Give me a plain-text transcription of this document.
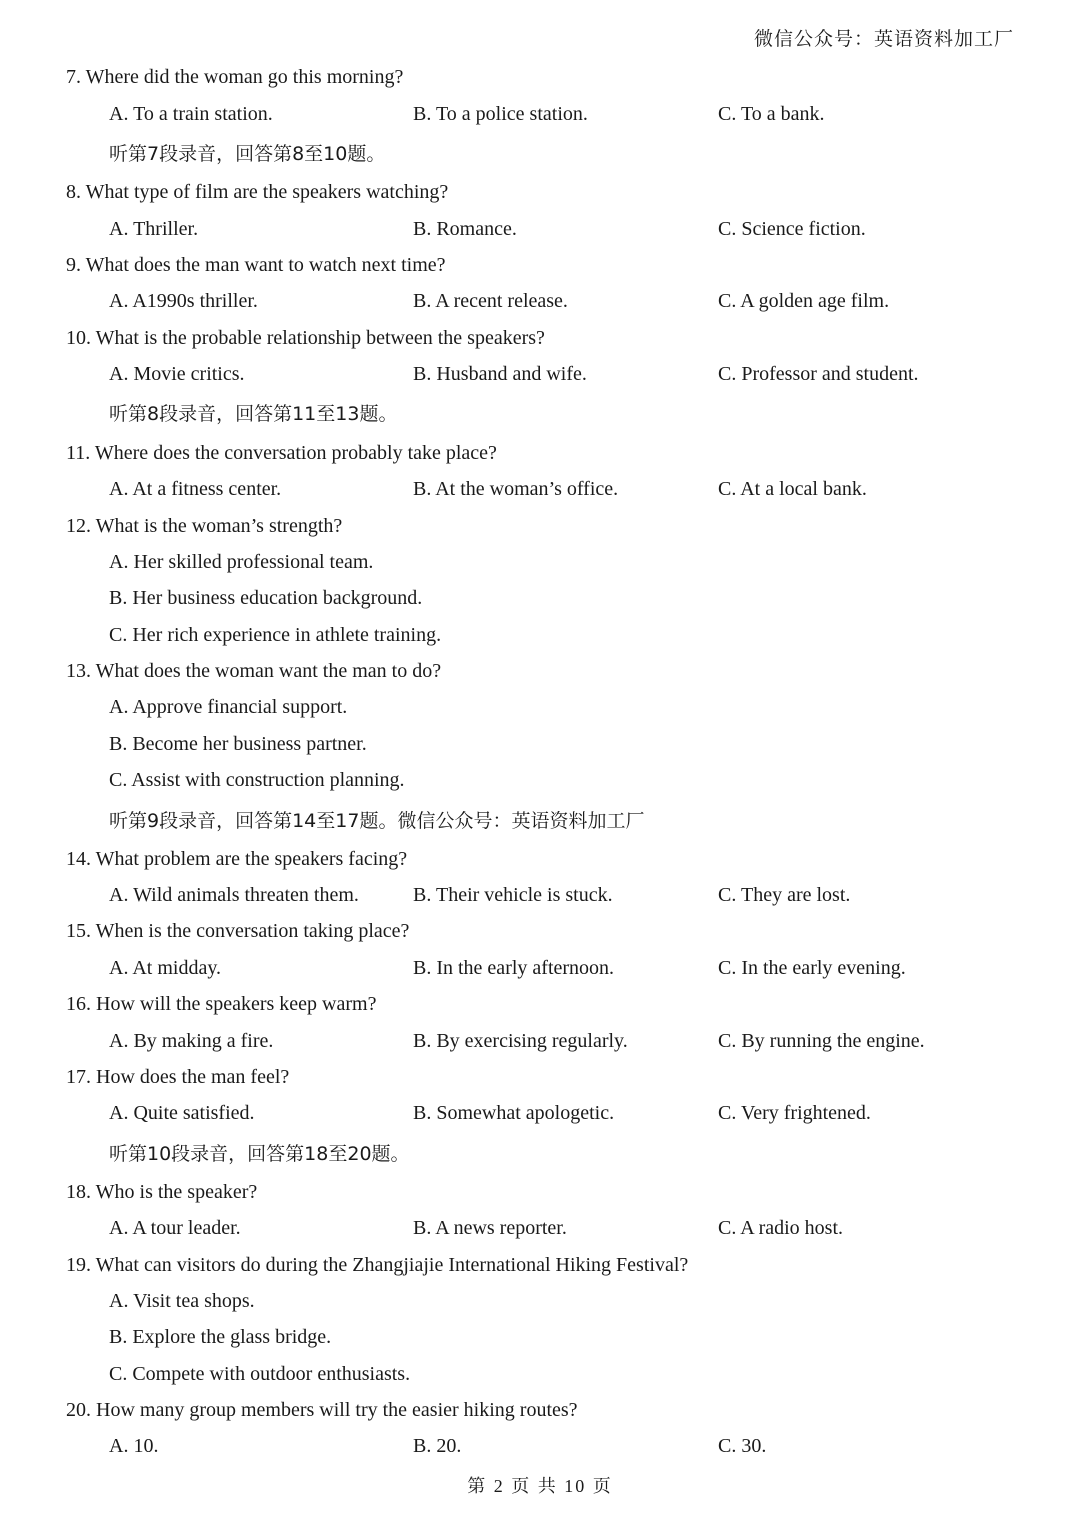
微信公众号：英语资料加工厂
7. Where did the woman go this morning?
A. To a train station.	B. To a police station.	C. To a bank.
听第7段录音，回答第8至10题。
8. What type of film are the speakers watching?
A. Thriller.	B. Romance.	C. Science fiction.
9. What does the man want to watch next time?
A. A1990s thriller.	B. A recent release.	C. A golden age film.
10. What is the probable relationship between the speakers?
A. Movie critics.	B. Husband and wife.	C. Professor and student.
听第8段录音，回答第11至13题。
11. Where does the conversation probably take place?
A. At a fitness center.	B. At the woman’s office.	C. At a local bank.
12. What is the woman’s strength?
A. Her skilled professional team.
B. Her business education background.
C. Her rich experience in athlete training.
13. What does the woman want the man to do?
A. Approve financial support.
B. Become her business partner.
C. Assist with construction planning.
听第9段录音，回答第14至17题。微信公众号：英语资料加工厂
14. What problem are the speakers facing?
A. Wild animals threaten them.	B. Their vehicle is stuck.	C. They are lost.
15. When is the conversation taking place?
A. At midday.	B. In the early afternoon.	C. In the early evening.
16. How will the speakers keep warm?
A. By making a fire.	B. By exercising regularly.	C. By running the engine.
17. How does the man feel?
A. Quite satisfied.	B. Somewhat apologetic.	C. Very frightened.
听第10段录音，回答第18至20题。
18. Who is the speaker?
A. A tour leader.	B. A news reporter.	C. A radio host.
19. What can visitors do during the Zhangjiajie International Hiking Festival?
A. Visit tea shops.
B. Explore the glass bridge.
C. Compete with outdoor enthusiasts.
20. How many group members will try the easier hiking routes?
A. 10.	B. 20.	C. 30.
第 2 页 共 10 页
